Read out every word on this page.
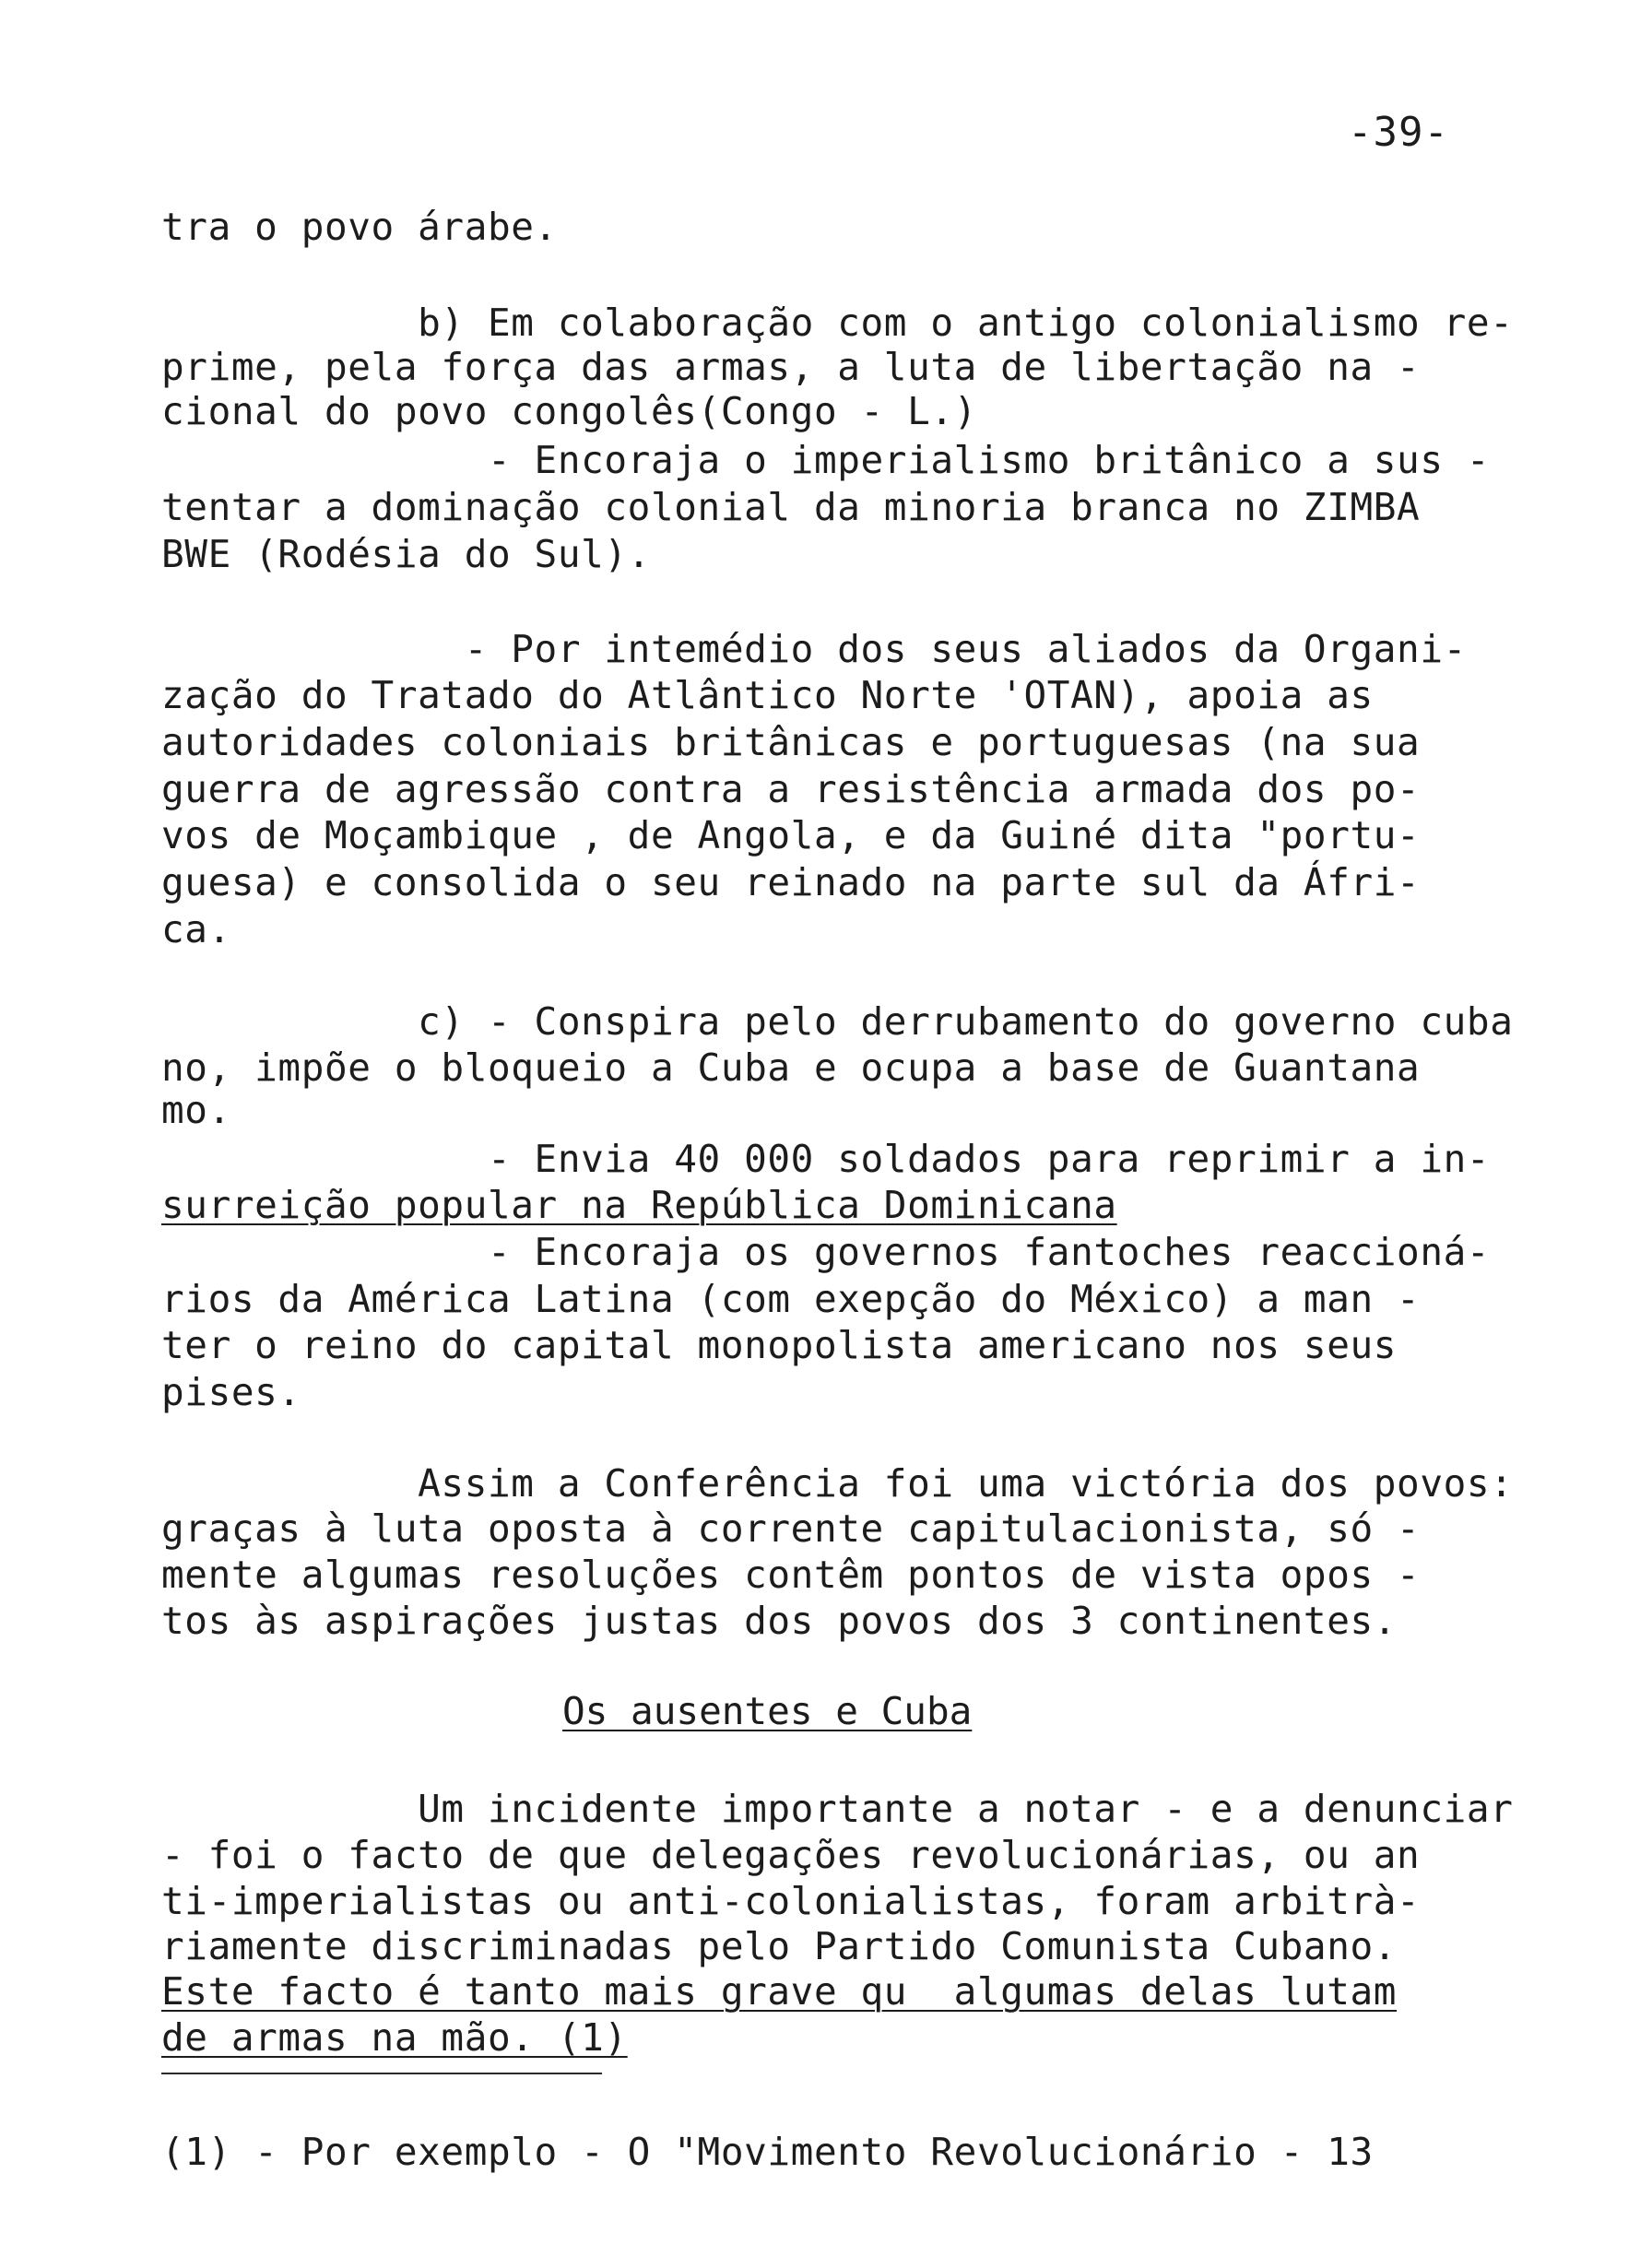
-39-
tra o povo árabe.
b) Em colaboração com o antigo colonialismo re-
prime, pela força das armas, a luta de libertação na -
cional do povo congolês(Congo - L.)
- Encoraja o imperialismo britânico a sus -
tentar a dominação colonial da minoria branca no ZIMBA
BWE (Rodésia do Sul).
- Por intemédio dos seus aliados da Organi-
zação do Tratado do Atlântico Norte 'OTAN), apoia as
autoridades coloniais britânicas e portuguesas (na sua
guerra de agressão contra a resistência armada dos po-
vos de Moçambique , de Angola, e da Guiné dita "portu-
guesa) e consolida o seu reinado na parte sul da Áfri-
ca.
c) - Conspira pelo derrubamento do governo cuba
no, impõe o bloqueio a Cuba e ocupa a base de Guantana
mo.
- Envia 40 000 soldados para reprimir a in-
surreição popular na República Dominicana
- Encoraja os governos fantoches reaccioná-
rios da América Latina (com exepção do México) a man -
ter o reino do capital monopolista americano nos seus
pises.
Assim a Conferência foi uma victória dos povos:
graças à luta oposta à corrente capitulacionista, só -
mente algumas resoluções contêm pontos de vista opos -
tos às aspirações justas dos povos dos 3 continentes.
Os ausentes e Cuba
Um incidente importante a notar - e a denunciar
- foi o facto de que delegações revolucionárias, ou an
ti-imperialistas ou anti-colonialistas, foram arbitrà-
riamente discriminadas pelo Partido Comunista Cubano.
Este facto é tanto mais grave qu  algumas delas lutam
de armas na mão. (1)
(1) - Por exemplo - O "Movimento Revolucionário - 13
